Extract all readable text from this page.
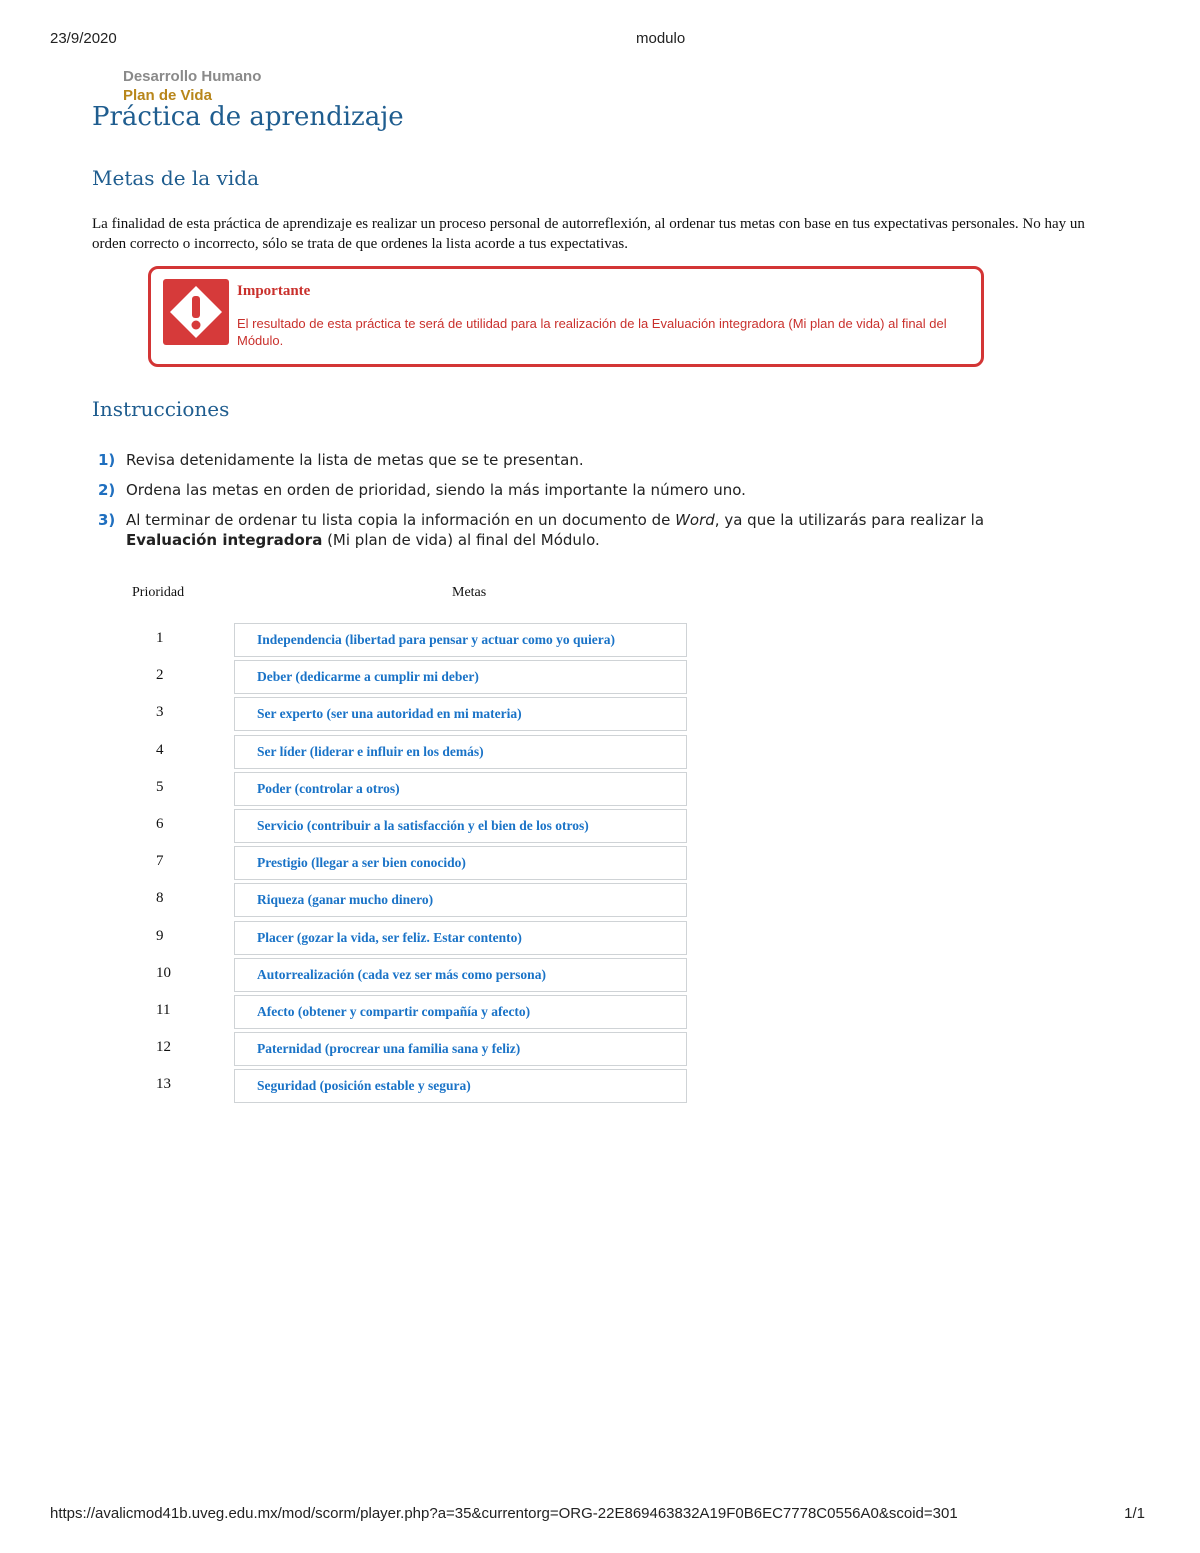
23/9/2020	modulo
Desarrollo Humano
Plan de Vida
Práctica de aprendizaje
Metas de la vida

La finalidad de esta práctica de aprendizaje es realizar un proceso personal de autorreflexión, al ordenar tus metas con base en tus expectativas personales. No hay un orden correcto o incorrecto, sólo se trata de que ordenes la lista acorde a tus expectativas.

Importante

El resultado de esta práctica te será de utilidad para la realización de la Evaluación integradora (Mi plan de vida) al final del Módulo.

Instrucciones
1) Revisa detenidamente la lista de metas que se te presentan.
2) Ordena las metas en orden de prioridad, siendo la más importante la número uno.
3) Al terminar de ordenar tu lista copia la información en un documento de Word, ya que la utilizarás para realizar la Evaluación integradora (Mi plan de vida) al final del Módulo.
Prioridad	Metas
1	Independencia (libertad para pensar y actuar como yo quiera)
2	Deber (dedicarme a cumplir mi deber)
3	Ser experto (ser una autoridad en mi materia)
4	Ser líder (liderar e influir en los demás)
5	Poder (controlar a otros)
6	Servicio (contribuir a la satisfacción y el bien de los otros)
7	Prestigio (llegar a ser bien conocido)
8	Riqueza (ganar mucho dinero)
9	Placer (gozar la vida, ser feliz. Estar contento)
10	Autorrealización (cada vez ser más como persona)
11	Afecto (obtener y compartir compañía y afecto)
12	Paternidad (procrear una familia sana y feliz)
13	Seguridad (posición estable y segura)
https://avalicmod41b.uveg.edu.mx/mod/scorm/player.php?a=35&currentorg=ORG-22E869463832A19F0B6EC7778C0556A0&scoid=301	1/1
